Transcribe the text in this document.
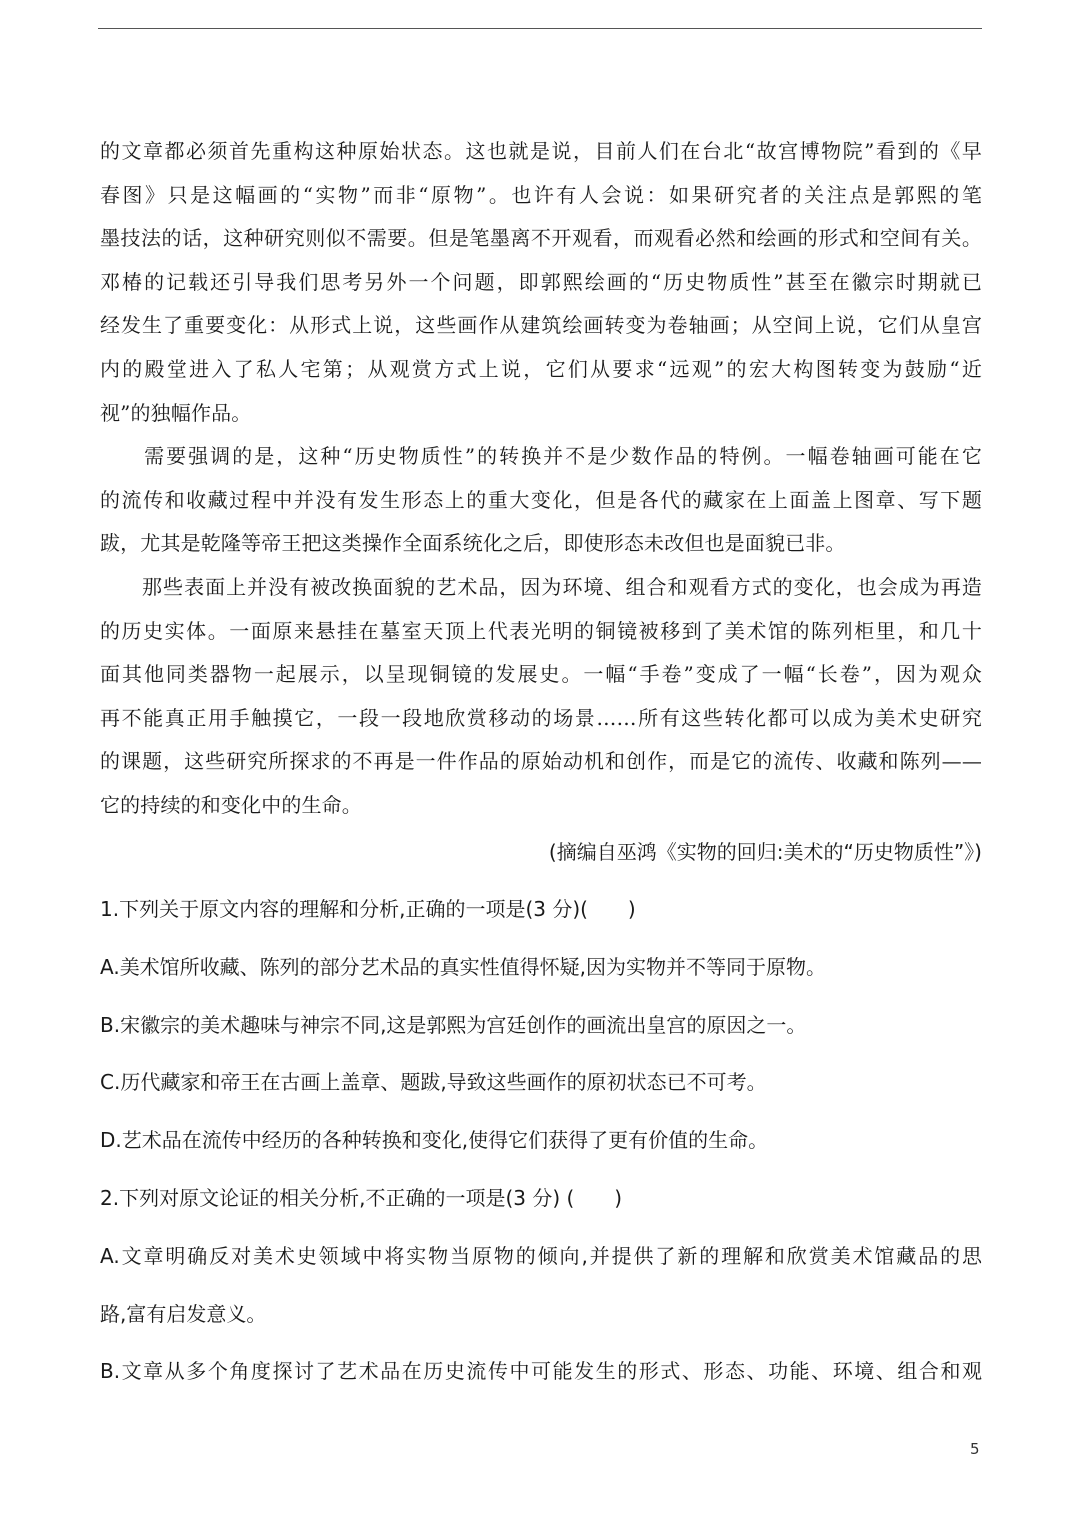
的文章都必须首先重构这种原始状态。这也就是说，目前人们在台北“故宫博物院”看到的《早
春图》只是这幅画的“实物”而非“原物”。也许有人会说：如果研究者的关注点是郭熙的笔
墨技法的话，这种研究则似不需要。但是笔墨离不开观看，而观看必然和绘画的形式和空间有关。
邓椿的记载还引导我们思考另外一个问题，即郭熙绘画的“历史物质性”甚至在徽宗时期就已
经发生了重要变化：从形式上说，这些画作从建筑绘画转变为卷轴画；从空间上说，它们从皇宫
内的殿堂进入了私人宅第；从观赏方式上说，它们从要求“远观”的宏大构图转变为鼓励“近
视”的独幅作品。
　　需要强调的是，这种“历史物质性”的转换并不是少数作品的特例。一幅卷轴画可能在它
的流传和收藏过程中并没有发生形态上的重大变化，但是各代的藏家在上面盖上图章、写下题
跋，尤其是乾隆等帝王把这类操作全面系统化之后，即使形态未改但也是面貌已非。
　　那些表面上并没有被改换面貌的艺术品，因为环境、组合和观看方式的变化，也会成为再造
的历史实体。一面原来悬挂在墓室天顶上代表光明的铜镜被移到了美术馆的陈列柜里，和几十
面其他同类器物一起展示，以呈现铜镜的发展史。一幅“手卷”变成了一幅“长卷”，因为观众
再不能真正用手触摸它，一段一段地欣赏移动的场景……所有这些转化都可以成为美术史研究
的课题，这些研究所探求的不再是一件作品的原始动机和创作，而是它的流传、收藏和陈列——
它的持续的和变化中的生命。
(摘编自巫鸿《实物的回归:美术的“历史物质性”》)
1.下列关于原文内容的理解和分析,正确的一项是(3 分)(　　)
A.美术馆所收藏、陈列的部分艺术品的真实性值得怀疑,因为实物并不等同于原物。
B.宋徽宗的美术趣味与神宗不同,这是郭熙为宫廷创作的画流出皇宫的原因之一。
C.历代藏家和帝王在古画上盖章、题跋,导致这些画作的原初状态已不可考。
D.艺术品在流传中经历的各种转换和变化,使得它们获得了更有价值的生命。
2.下列对原文论证的相关分析,不正确的一项是(3 分) (　　)
A.文章明确反对美术史领域中将实物当原物的倾向,并提供了新的理解和欣赏美术馆藏品的思
路,富有启发意义。
B.文章从多个角度探讨了艺术品在历史流传中可能发生的形式、形态、功能、环境、组合和观
5
